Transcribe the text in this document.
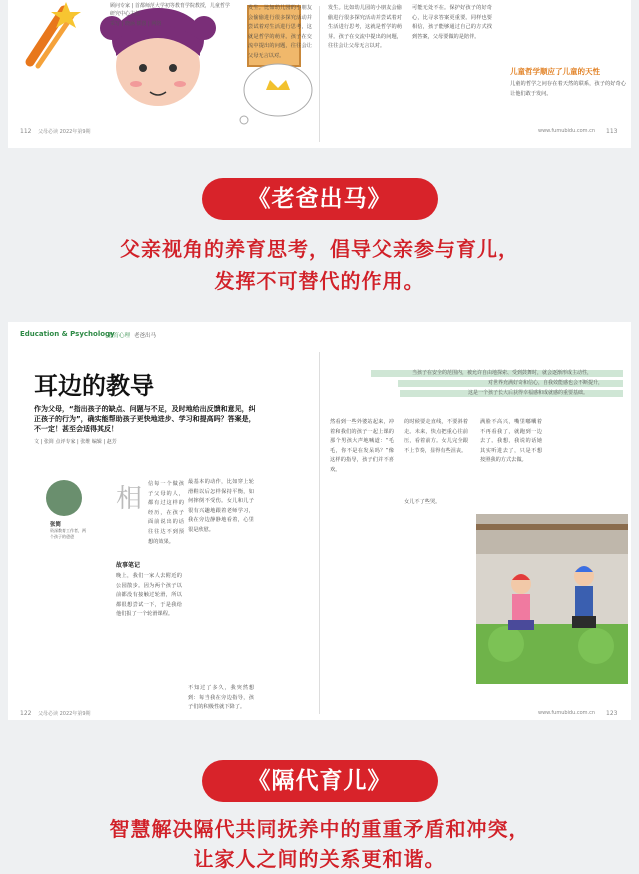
顾问专家 | 首都师范大学初等教育学院教授，儿童哲学研究中心主任
采写 | 晓涵 插图 | 网络
发生。比如幼儿园的小朋友会偷偷进行很多探究活动并尝试着对生活进行思考，这就是哲学的萌芽。孩子在交流中提出的问题，往往会让父母无言以对。
发生。比如幼儿园的小朋友会偷偷进行很多探究活动并尝试着对生活进行思考，这就是哲学的萌芽。孩子在交流中提出的问题，往往会让父母无言以对。
可能无处不在。保护好孩子的好奇心，比寻求答案更重要。同样也要相信，孩子能够通过自己的方式找到答案，父母要做的是陪伴。
儿童哲学顺应了儿童的天性
儿童的哲学之问存在着天然的联系，孩子的好奇心让他们敢于发问。
112 父母必读 2022年第9期	www.fumubidu.com.cn 113
《老爸出马》
父亲视角的养育思考，倡导父亲参与育儿，
发挥不可替代的作用。
Education & Psychology
教育心理 老爸出马
耳边的教导
作为父母，“指出孩子的缺点、问题与不足，及时地给出反馈和意见，纠正孩子的行为”，确实能帮助孩子更快地进步、学习和提高吗？答案是，不一定！甚至会适得其反！
文 | 张简 点评专家 | 张维 编辑 | 赵芳
张简
资深教育工作者，两个孩子的爸爸
相 信每一个做孩子父母的人，都有过这样的经历，在孩子面前说出的话往往达不到预想的效果。
故事笔记
晚上，我们一家人去附近的公园散步。因为两个孩子以前都没有接触过轮滑，所以都很想尝试一下，于是我给他们报了一个轮滑课程。
最基本的动作，比如穿上轮滑鞋以后怎样保持平衡，如何摔倒不受伤。女儿和儿子很有兴趣地跟着老师学习，我在旁边静静地看着，心里很是欣慰。
不知过了多久，我突然想到：每当我在旁边指导，孩子们的积极性就下降了。
当孩子在安全的范围内，被允许自由地探索、受到鼓舞时，就会逐渐形成主动性，
对世界充满好奇和信心，自我效能感也会不断提升，
这是一个孩子长大后获得幸福感和成就感的重要基础。
然看到一些外婆站起来，冲着和我们的孩子一起上课的那个男孩大声地喊道：“毛毛，你不是在发呆吗？”像这样的指导，孩子们并不喜欢。
的时候要走直线，不要斜着走。未来，快点把重心往前压，看着前方。女儿完全跟不上节奏，显得有些沮丧。
女儿不了些哭。
满脸不高兴，嘴里嘟囔着不再看我了，就跑到一边去了。我想，我说的话她其实听进去了，只是不想按照我的方式去做。
122 父母必读 2022年第9期	www.fumubidu.com.cn 123
《隔代育儿》
智慧解决隔代共同抚养中的重重矛盾和冲突，
让家人之间的关系更和谐。
